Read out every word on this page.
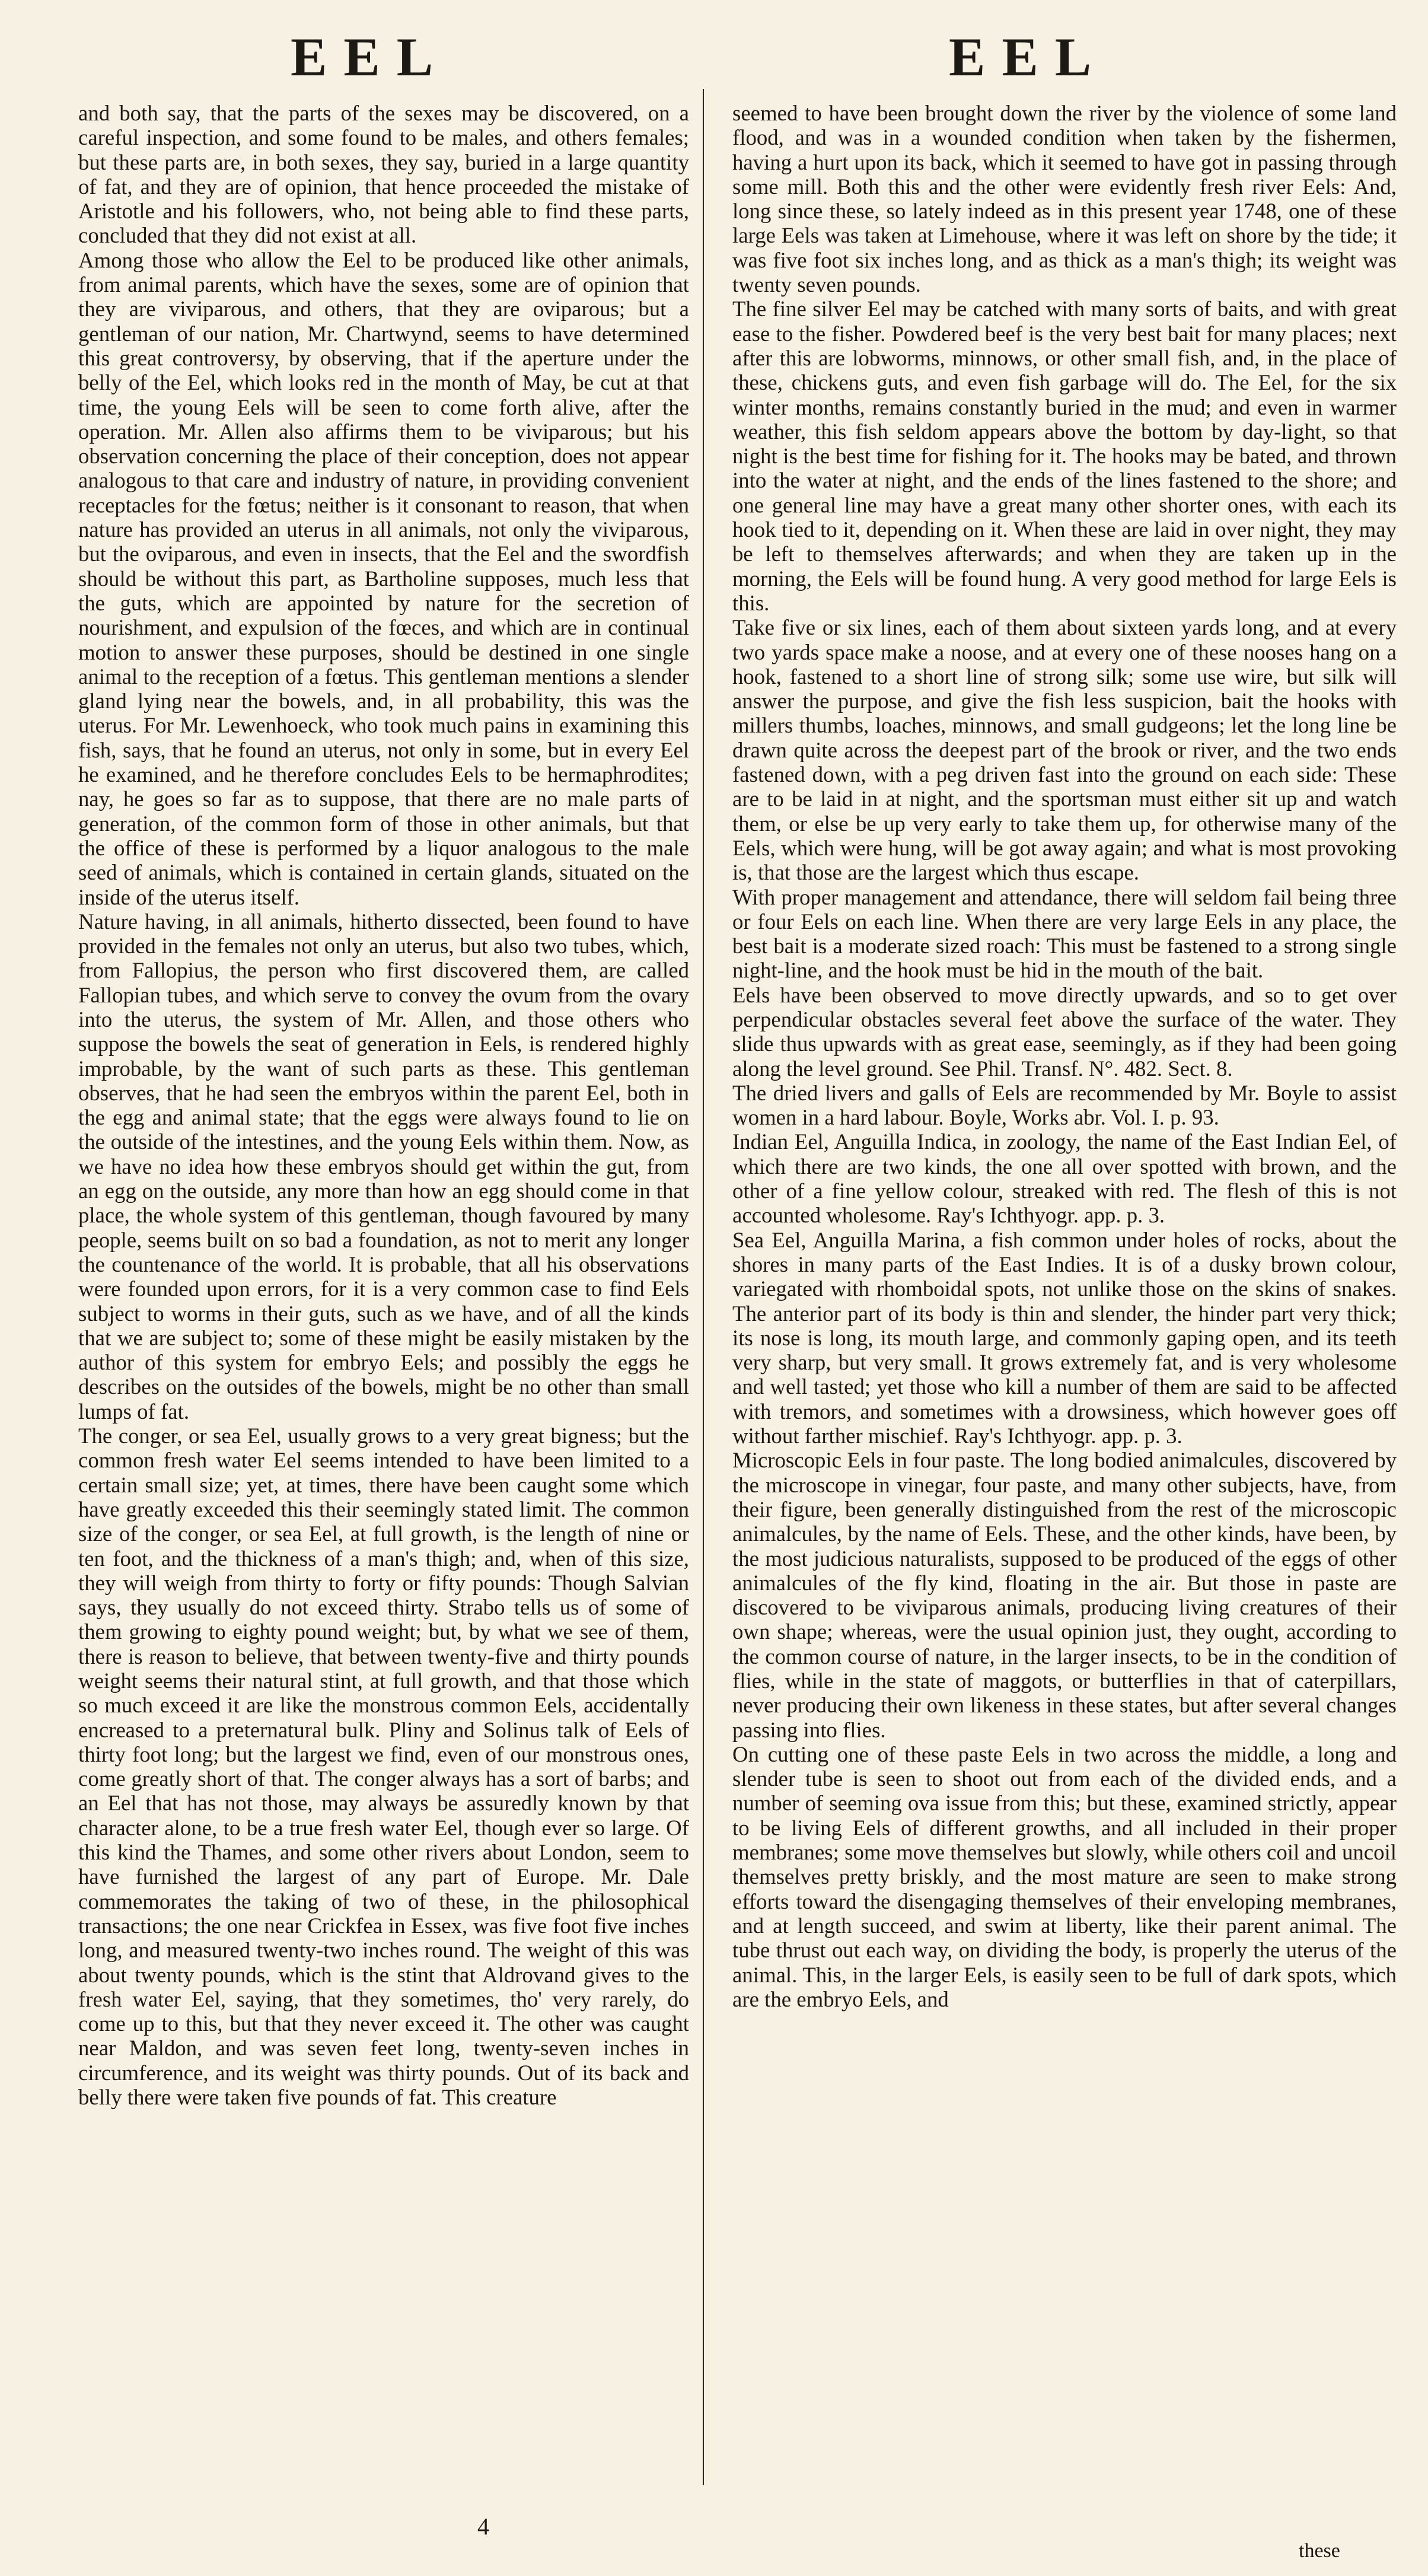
EEL	EEL

and both say, that the parts of the sexes may be discovered, on a careful inspection, and some found to be males, and others females; but these parts are, in both sexes, they say, buried in a large quantity of fat, and they are of opinion, that hence proceeded the mistake of Aristotle and his followers, who, not being able to find these parts, concluded that they did not exist at all.

Among those who allow the Eel to be produced like other animals, from animal parents, which have the sexes, some are of opinion that they are viviparous, and others, that they are oviparous; but a gentleman of our nation, Mr. Chartwynd, seems to have determined this great controversy, by observing, that if the aperture under the belly of the Eel, which looks red in the month of May, be cut at that time, the young Eels will be seen to come forth alive, after the operation. Mr. Allen also affirms them to be viviparous; but his observation concerning the place of their conception, does not appear analogous to that care and industry of nature, in providing convenient receptacles for the fœtus; neither is it consonant to reason, that when nature has provided an uterus in all animals, not only the viviparous, but the oviparous, and even in insects, that the Eel and the swordfish should be without this part, as Bartholine supposes, much less that the guts, which are appointed by nature for the secretion of nourishment, and expulsion of the fœces, and which are in continual motion to answer these purposes, should be destined in one single animal to the reception of a fœtus. This gentleman mentions a slender gland lying near the bowels, and, in all probability, this was the uterus. For Mr. Lewenhoeck, who took much pains in examining this fish, says, that he found an uterus, not only in some, but in every Eel he examined, and he therefore concludes Eels to be hermaphrodites; nay, he goes so far as to suppose, that there are no male parts of generation, of the common form of those in other animals, but that the office of these is performed by a liquor analogous to the male seed of animals, which is contained in certain glands, situated on the inside of the uterus itself.

Nature having, in all animals, hitherto dissected, been found to have provided in the females not only an uterus, but also two tubes, which, from Fallopius, the person who first discovered them, are called Fallopian tubes, and which serve to convey the ovum from the ovary into the uterus, the system of Mr. Allen, and those others who suppose the bowels the seat of generation in Eels, is rendered highly improbable, by the want of such parts as these. This gentleman observes, that he had seen the embryos within the parent Eel, both in the egg and animal state; that the eggs were always found to lie on the outside of the intestines, and the young Eels within them. Now, as we have no idea how these embryos should get within the gut, from an egg on the outside, any more than how an egg should come in that place, the whole system of this gentleman, though favoured by many people, seems built on so bad a foundation, as not to merit any longer the countenance of the world. It is probable, that all his observations were founded upon errors, for it is a very common case to find Eels subject to worms in their guts, such as we have, and of all the kinds that we are subject to; some of these might be easily mistaken by the author of this system for embryo Eels; and possibly the eggs he describes on the outsides of the bowels, might be no other than small lumps of fat.

The conger, or sea Eel, usually grows to a very great bigness; but the common fresh water Eel seems intended to have been limited to a certain small size; yet, at times, there have been caught some which have greatly exceeded this their seemingly stated limit. The common size of the conger, or sea Eel, at full growth, is the length of nine or ten foot, and the thickness of a man's thigh; and, when of this size, they will weigh from thirty to forty or fifty pounds: Though Salvian says, they usually do not exceed thirty. Strabo tells us of some of them growing to eighty pound weight; but, by what we see of them, there is reason to believe, that between twenty-five and thirty pounds weight seems their natural stint, at full growth, and that those which so much exceed it are like the monstrous common Eels, accidentally encreased to a preternatural bulk. Pliny and Solinus talk of Eels of thirty foot long; but the largest we find, even of our monstrous ones, come greatly short of that. The conger always has a sort of barbs; and an Eel that has not those, may always be assuredly known by that character alone, to be a true fresh water Eel, though ever so large. Of this kind the Thames, and some other rivers about London, seem to have furnished the largest of any part of Europe. Mr. Dale commemorates the taking of two of these, in the philosophical transactions; the one near Crickfea in Essex, was five foot five inches long, and measured twenty-two inches round. The weight of this was about twenty pounds, which is the stint that Aldrovand gives to the fresh water Eel, saying, that they sometimes, tho' very rarely, do come up to this, but that they never exceed it. The other was caught near Maldon, and was seven feet long, twenty-seven inches in circumference, and its weight was thirty pounds. Out of its back and belly there were taken five pounds of fat. This creature

seemed to have been brought down the river by the violence of some land flood, and was in a wounded condition when taken by the fishermen, having a hurt upon its back, which it seemed to have got in passing through some mill. Both this and the other were evidently fresh river Eels: And, long since these, so lately indeed as in this present year 1748, one of these large Eels was taken at Limehouse, where it was left on shore by the tide; it was five foot six inches long, and as thick as a man's thigh; its weight was twenty seven pounds.

The fine silver Eel may be catched with many sorts of baits, and with great ease to the fisher. Powdered beef is the very best bait for many places; next after this are lobworms, minnows, or other small fish, and, in the place of these, chickens guts, and even fish garbage will do. The Eel, for the six winter months, remains constantly buried in the mud; and even in warmer weather, this fish seldom appears above the bottom by day-light, so that night is the best time for fishing for it. The hooks may be bated, and thrown into the water at night, and the ends of the lines fastened to the shore; and one general line may have a great many other shorter ones, with each its hook tied to it, depending on it. When these are laid in over night, they may be left to themselves afterwards; and when they are taken up in the morning, the Eels will be found hung. A very good method for large Eels is this.

Take five or six lines, each of them about sixteen yards long, and at every two yards space make a noose, and at every one of these nooses hang on a hook, fastened to a short line of strong silk; some use wire, but silk will answer the purpose, and give the fish less suspicion, bait the hooks with millers thumbs, loaches, minnows, and small gudgeons; let the long line be drawn quite across the deepest part of the brook or river, and the two ends fastened down, with a peg driven fast into the ground on each side: These are to be laid in at night, and the sportsman must either sit up and watch them, or else be up very early to take them up, for otherwise many of the Eels, which were hung, will be got away again; and what is most provoking is, that those are the largest which thus escape.

With proper management and attendance, there will seldom fail being three or four Eels on each line. When there are very large Eels in any place, the best bait is a moderate sized roach: This must be fastened to a strong single night-line, and the hook must be hid in the mouth of the bait.

Eels have been observed to move directly upwards, and so to get over perpendicular obstacles several feet above the surface of the water. They slide thus upwards with as great ease, seemingly, as if they had been going along the level ground. See Phil. Transf. N°. 482. Sect. 8.

The dried livers and galls of Eels are recommended by Mr. Boyle to assist women in a hard labour. Boyle, Works abr. Vol. I. p. 93.

Indian Eel, Anguilla Indica, in zoology, the name of the East Indian Eel, of which there are two kinds, the one all over spotted with brown, and the other of a fine yellow colour, streaked with red. The flesh of this is not accounted wholesome. Ray's Ichthyogr. app. p. 3.

Sea Eel, Anguilla Marina, a fish common under holes of rocks, about the shores in many parts of the East Indies. It is of a dusky brown colour, variegated with rhomboidal spots, not unlike those on the skins of snakes. The anterior part of its body is thin and slender, the hinder part very thick; its nose is long, its mouth large, and commonly gaping open, and its teeth very sharp, but very small. It grows extremely fat, and is very wholesome and well tasted; yet those who kill a number of them are said to be affected with tremors, and sometimes with a drowsiness, which however goes off without farther mischief. Ray's Ichthyogr. app. p. 3.

Microscopic Eels in four paste. The long bodied animalcules, discovered by the microscope in vinegar, four paste, and many other subjects, have, from their figure, been generally distinguished from the rest of the microscopic animalcules, by the name of Eels. These, and the other kinds, have been, by the most judicious naturalists, supposed to be produced of the eggs of other animalcules of the fly kind, floating in the air. But those in paste are discovered to be viviparous animals, producing living creatures of their own shape; whereas, were the usual opinion just, they ought, according to the common course of nature, in the larger insects, to be in the condition of flies, while in the state of maggots, or butterflies in that of caterpillars, never producing their own likeness in these states, but after several changes passing into flies.

On cutting one of these paste Eels in two across the middle, a long and slender tube is seen to shoot out from each of the divided ends, and a number of seeming ova issue from this; but these, examined strictly, appear to be living Eels of different growths, and all included in their proper membranes; some move themselves but slowly, while others coil and uncoil themselves pretty briskly, and the most mature are seen to make strong efforts toward the disengaging themselves of their enveloping membranes, and at length succeed, and swim at liberty, like their parent animal. The tube thrust out each way, on dividing the body, is properly the uterus of the animal. This, in the larger Eels, is easily seen to be full of dark spots, which are the embryo Eels, and

4
these
